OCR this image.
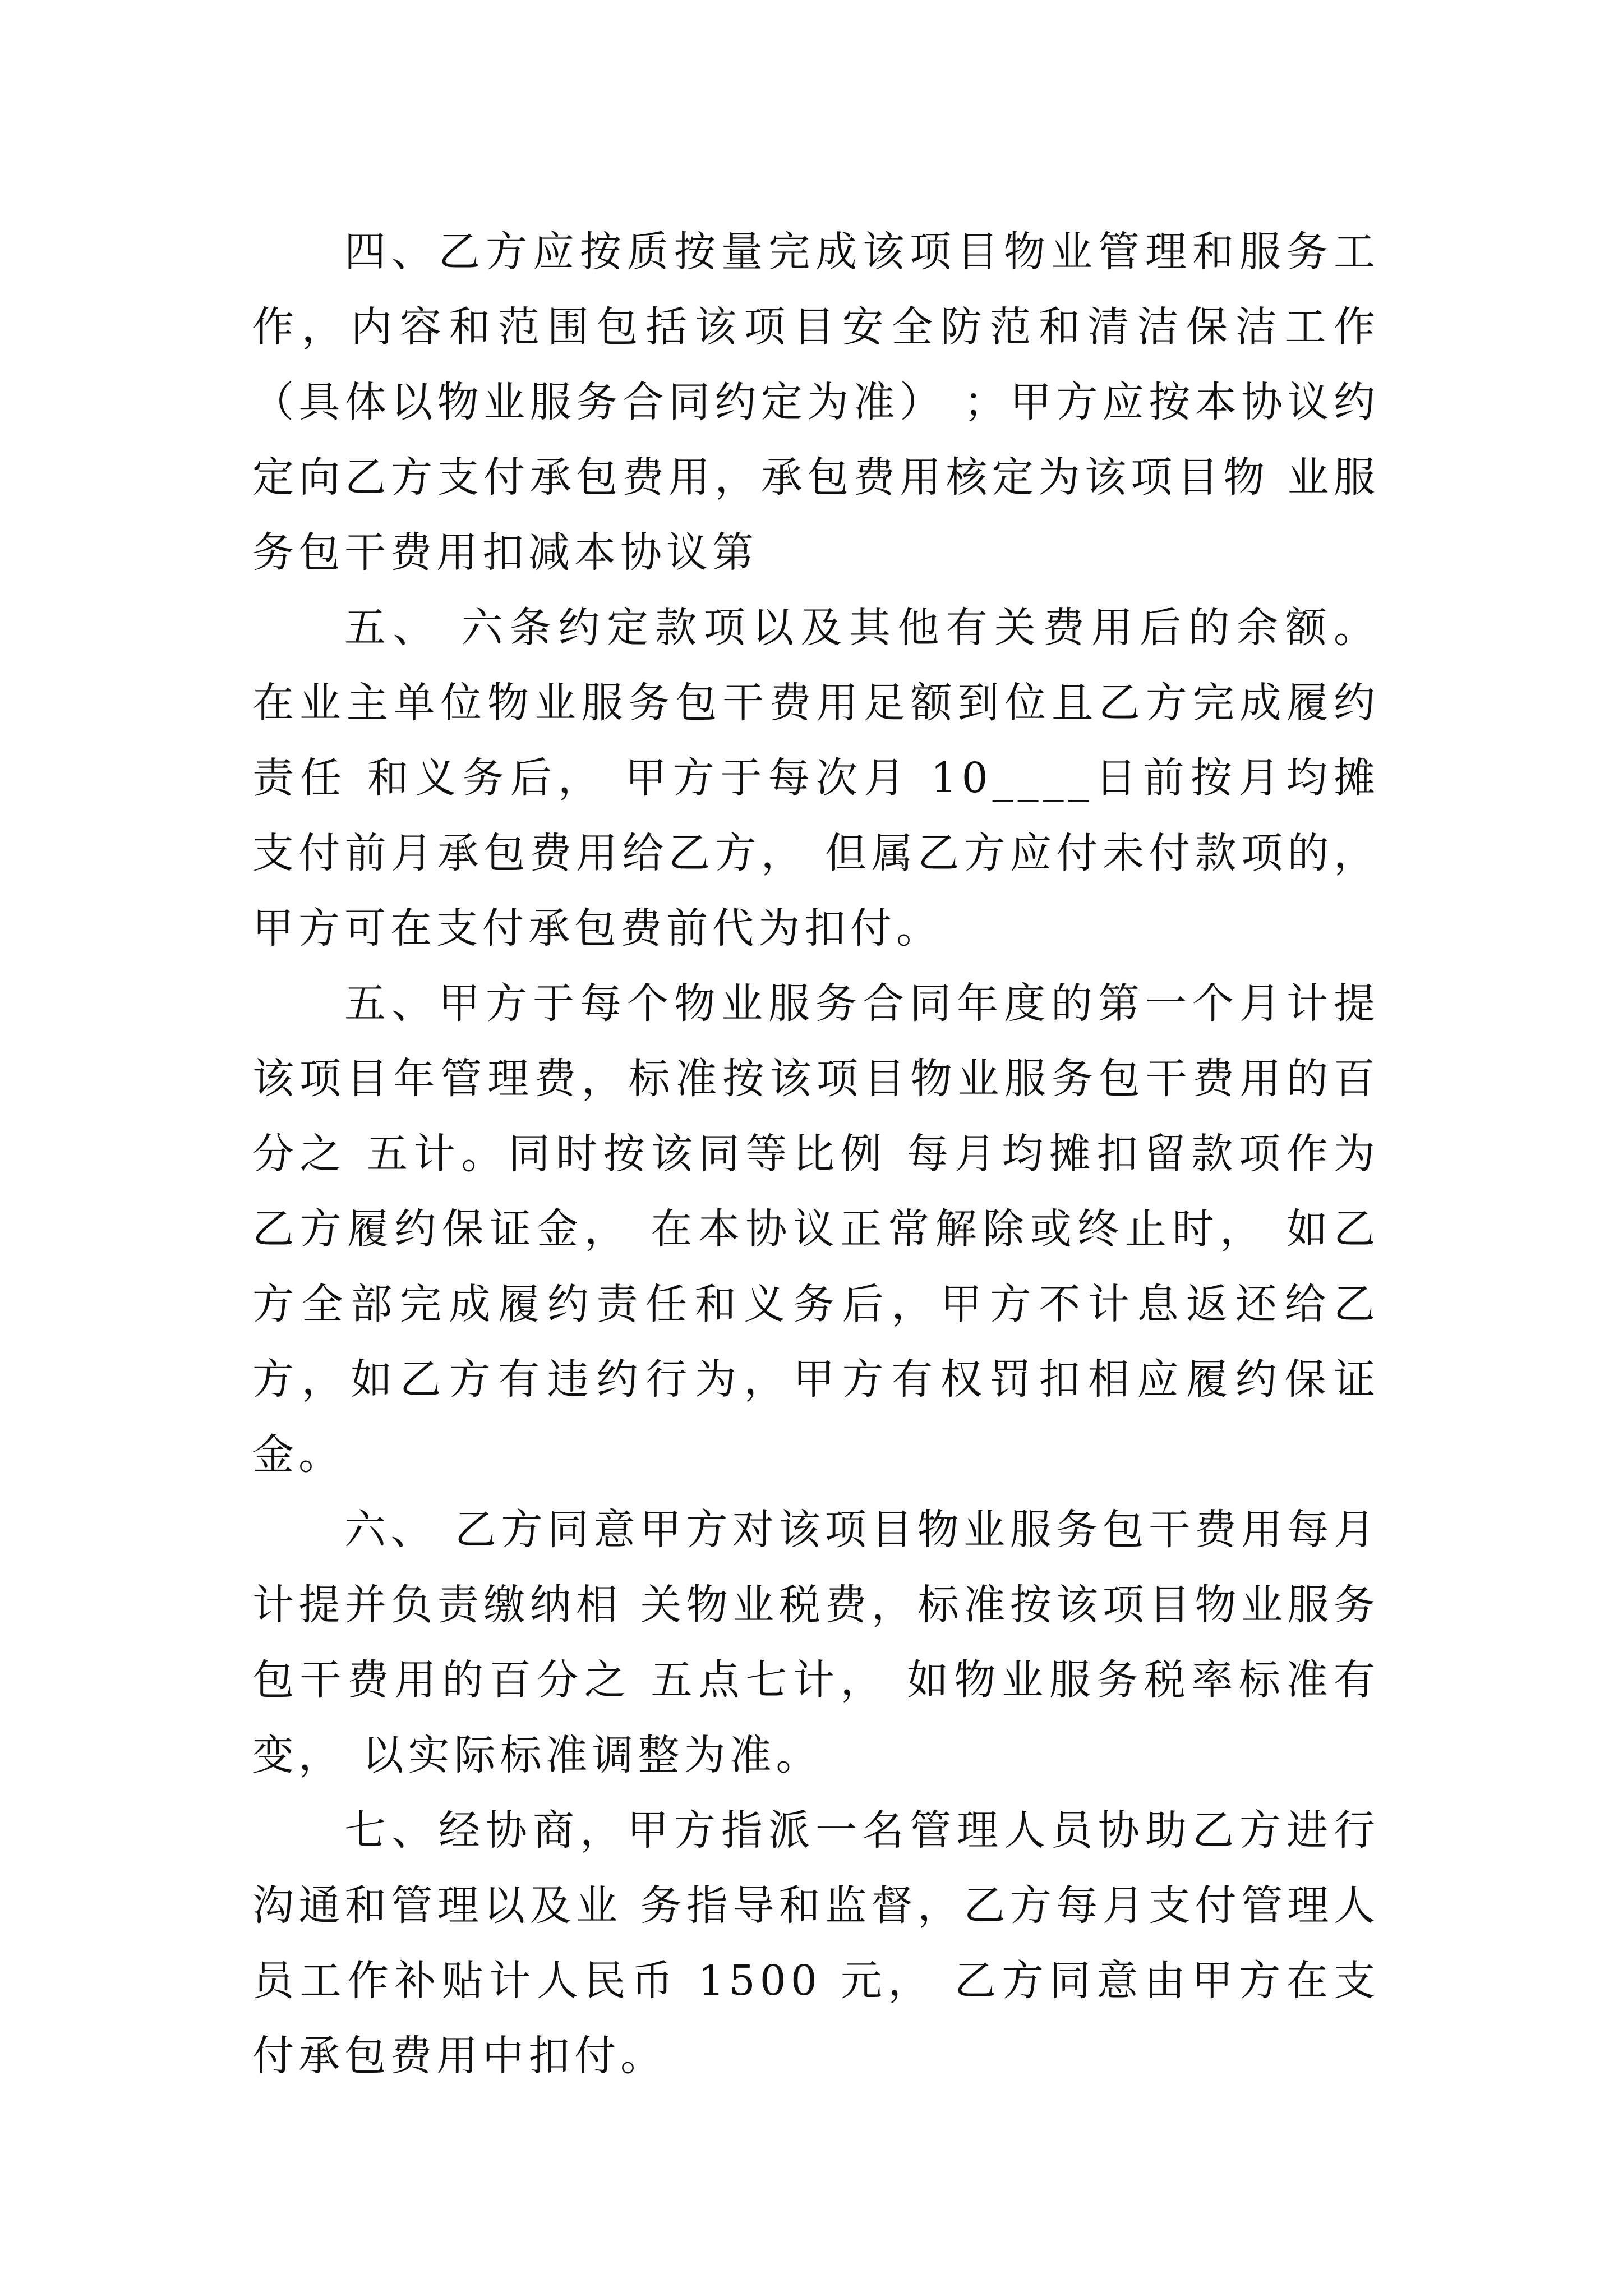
四、乙方应按质按量完成该项目物业管理和服务工作，内容和范围包括该项目安全防范和清洁保洁工作 （具体以物业服务合同约定为准） ；甲方应按本协议约定向乙方支付承包费用，承包费用核定为该项目物 业服务包干费用扣减本协议第

五、 六条约定款项以及其他有关费用后的余额。 在业主单位物业服务包干费用足额到位且乙方完成履约责任 和义务后， 甲方于每次月 10____日前按月均摊支付前月承包费用给乙方， 但属乙方应付未付款项的，甲方可在支付承包费前代为扣付。

五、甲方于每个物业服务合同年度的第一个月计提该项目年管理费，标准按该项目物业服务包干费用的百分之 五计。同时按该同等比例 每月均摊扣留款项作为乙方履约保证金， 在本协议正常解除或终止时， 如乙方全部完成履约责任和义务后，甲方不计息返还给乙方，如乙方有违约行为，甲方有权罚扣相应履约保证金。

六、 乙方同意甲方对该项目物业服务包干费用每月计提并负责缴纳相 关物业税费，标准按该项目物业服务包干费用的百分之 五点七计， 如物业服务税率标准有变， 以实际标准调整为准。

七、经协商，甲方指派一名管理人员协助乙方进行沟通和管理以及业 务指导和监督，乙方每月支付管理人员工作补贴计人民币 1500 元， 乙方同意由甲方在支付承包费用中扣付。
